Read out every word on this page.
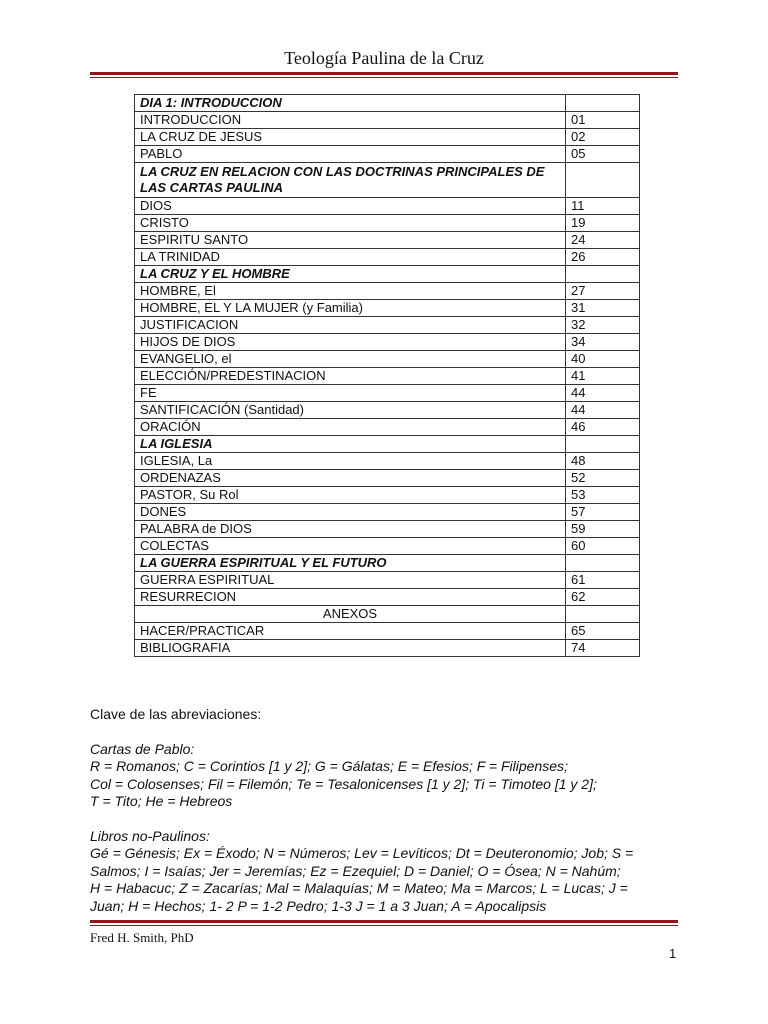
Teología Paulina de la Cruz
DIA 1: INTRODUCCION	
INTRODUCCION	01
LA CRUZ DE JESUS	02
PABLO	05
LA CRUZ EN RELACION CON LAS DOCTRINAS PRINCIPALES DE LAS CARTAS PAULINA	
DIOS	11
CRISTO	19
ESPIRITU SANTO	24
LA TRINIDAD	26
LA CRUZ Y EL HOMBRE	
HOMBRE, El	27
HOMBRE, EL Y LA MUJER (y Familia)	31
JUSTIFICACION	32
HIJOS DE DIOS	34
EVANGELIO, el	40
ELECCIÓN/PREDESTINACION	41
FE	44
SANTIFICACIÓN (Santidad)	44
ORACIÓN	46
LA IGLESIA	
IGLESIA, La	48
ORDENAZAS	52
PASTOR, Su Rol	53
DONES	57
PALABRA de DIOS	59
COLECTAS	60
LA GUERRA ESPIRITUAL Y EL FUTURO	
GUERRA ESPIRITUAL	61
RESURRECION	62
ANEXOS	
HACER/PRACTICAR	65
BIBLIOGRAFIA	74
Clave de las abreviaciones:
Cartas de Pablo:
R = Romanos; C = Corintios [1 y 2]; G = Gálatas; E = Efesios; F = Filipenses;
Col = Colosenses; Fil = Filemón; Te = Tesalonicenses [1 y 2]; Ti = Timoteo [1 y 2];
T = Tito; He = Hebreos
Libros no-Paulinos:
Gé = Génesis; Ex = Éxodo; N = Números; Lev = Levíticos; Dt = Deuteronomio; Job; S =
Salmos; I = Isaías; Jer = Jeremías; Ez = Ezequiel; D = Daniel; O = Ósea; N = Nahúm;
H = Habacuc; Z = Zacarías; Mal = Malaquías; M = Mateo; Ma = Marcos; L = Lucas; J =
Juan; H = Hechos; 1- 2 P = 1-2 Pedro; 1-3 J = 1 a 3 Juan; A = Apocalipsis
Fred H. Smith, PhD
1
